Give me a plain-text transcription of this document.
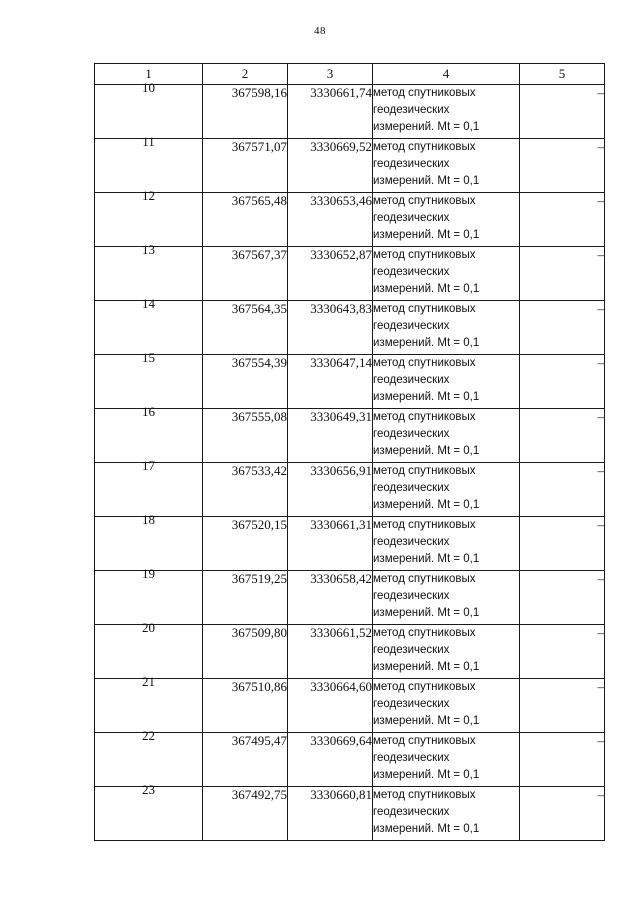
48
1	2	3	4	5
10	367598,16	3330661,74	метод спутниковых
геодезических
измерений. Mt = 0,1	–
11	367571,07	3330669,52	метод спутниковых
геодезических
измерений. Mt = 0,1	–
12	367565,48	3330653,46	метод спутниковых
геодезических
измерений. Mt = 0,1	–
13	367567,37	3330652,87	метод спутниковых
геодезических
измерений. Mt = 0,1	–
14	367564,35	3330643,83	метод спутниковых
геодезических
измерений. Mt = 0,1	–
15	367554,39	3330647,14	метод спутниковых
геодезических
измерений. Mt = 0,1	–
16	367555,08	3330649,31	метод спутниковых
геодезических
измерений. Mt = 0,1	–
17	367533,42	3330656,91	метод спутниковых
геодезических
измерений. Mt = 0,1	–
18	367520,15	3330661,31	метод спутниковых
геодезических
измерений. Mt = 0,1	–
19	367519,25	3330658,42	метод спутниковых
геодезических
измерений. Mt = 0,1	–
20	367509,80	3330661,52	метод спутниковых
геодезических
измерений. Mt = 0,1	–
21	367510,86	3330664,60	метод спутниковых
геодезических
измерений. Mt = 0,1	–
22	367495,47	3330669,64	метод спутниковых
геодезических
измерений. Mt = 0,1	–
23	367492,75	3330660,81	метод спутниковых
геодезических
измерений. Mt = 0,1	–
